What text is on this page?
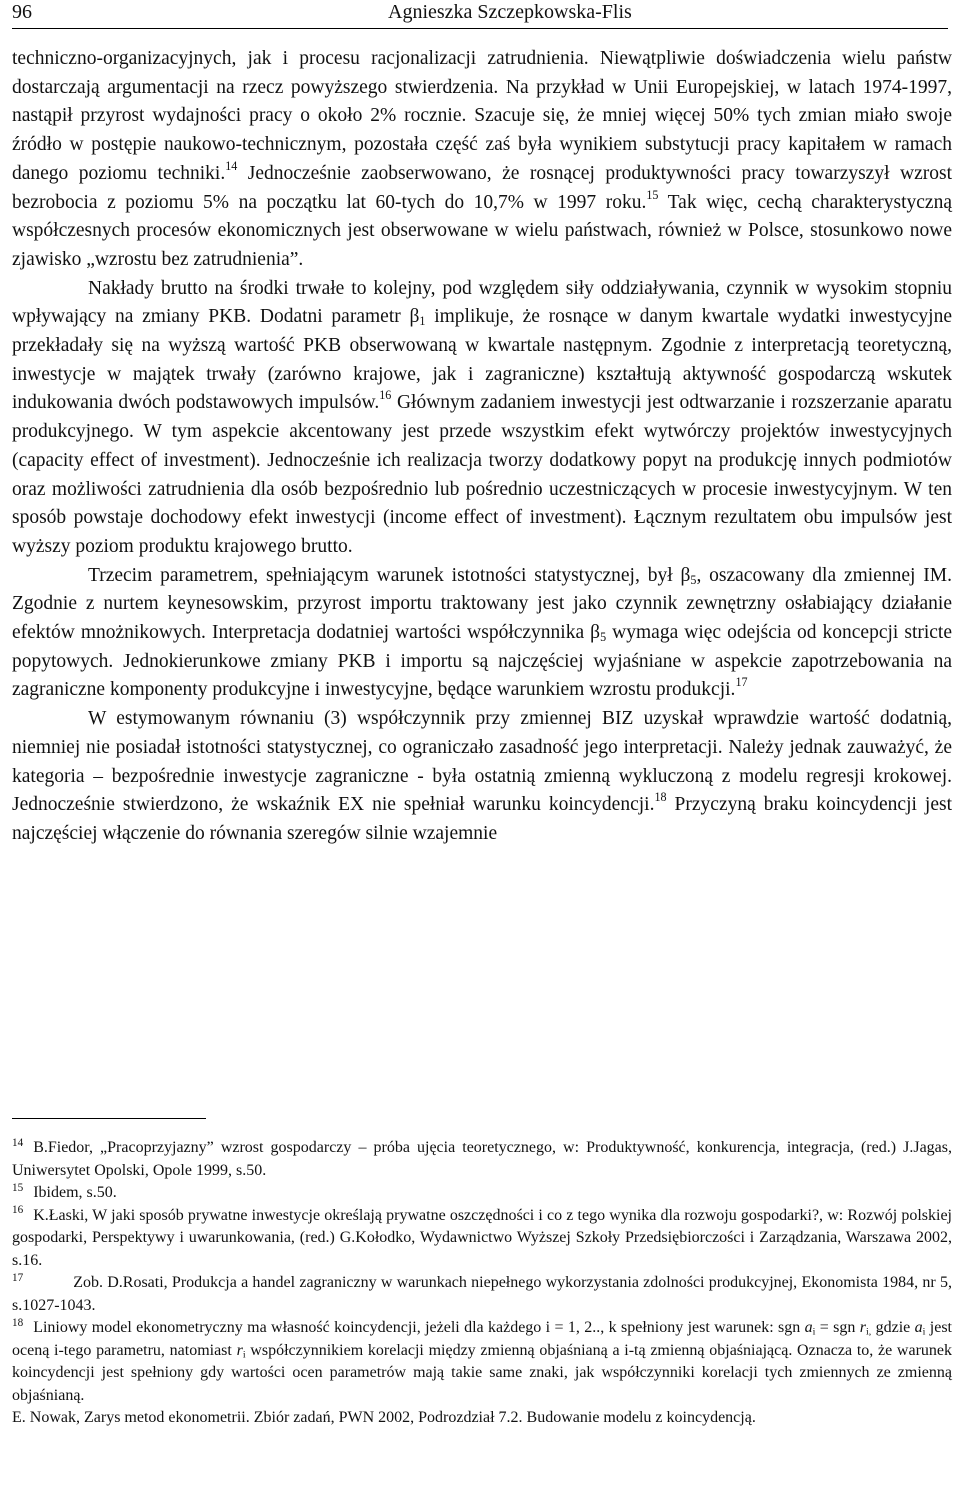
96	Agnieszka Szczepkowska-Flis

techniczno-organizacyjnych, jak i procesu racjonalizacji zatrudnienia. Niewątpliwie doświadczenia wielu państw dostarczają argumentacji na rzecz powyższego stwierdzenia. Na przykład w Unii Europejskiej, w latach 1974-1997, nastąpił przyrost wydajności pracy o około 2% rocznie. Szacuje się, że mniej więcej 50% tych zmian miało swoje źródło w postępie naukowo-technicznym, pozostała część zaś była wynikiem substytucji pracy kapitałem w ramach danego poziomu techniki.$^{14}$ Jednocześnie zaobserwowano, że rosnącej produktywności pracy towarzyszył wzrost bezrobocia z poziomu 5% na początku lat 60-tych do 10,7% w 1997 roku.$^{15}$ Tak więc, cechą charakterystyczną współczesnych procesów ekonomicznych jest obserwowane w wielu państwach, również w Polsce, stosunkowo nowe zjawisko „wzrostu bez zatrudnienia”.

Nakłady brutto na środki trwałe to kolejny, pod względem siły oddziaływania, czynnik w wysokim stopniu wpływający na zmiany PKB. Dodatni parametr $\beta_1$ implikuje, że rosnące w danym kwartale wydatki inwestycyjne przekładały się na wyższą wartość PKB obserwowaną w kwartale następnym. Zgodnie z interpretacją teoretyczną, inwestycje w majątek trwały (zarówno krajowe, jak i zagraniczne) kształtują aktywność gospodarczą wskutek indukowania dwóch podstawowych impulsów.$^{16}$ Głównym zadaniem inwestycji jest odtwarzanie i rozszerzanie aparatu produkcyjnego. W tym aspekcie akcentowany jest przede wszystkim efekt wytwórczy projektów inwestycyjnych (capacity effect of investment). Jednocześnie ich realizacja tworzy dodatkowy popyt na produkcję innych podmiotów oraz możliwości zatrudnienia dla osób bezpośrednio lub pośrednio uczestniczących w procesie inwestycyjnym. W ten sposób powstaje dochodowy efekt inwestycji (income effect of investment). Łącznym rezultatem obu impulsów jest wyższy poziom produktu krajowego brutto.

Trzecim parametrem, spełniającym warunek istotności statystycznej, był $\beta_5$, oszacowany dla zmiennej IM. Zgodnie z nurtem keynesowskim, przyrost importu traktowany jest jako czynnik zewnętrzny osłabiający działanie efektów mnożnikowych. Interpretacja dodatniej wartości współczynnika $\beta_5$ wymaga więc odejścia od koncepcji stricte popytowych. Jednokierunkowe zmiany PKB i importu są najczęściej wyjaśniane w aspekcie zapotrzebowania na zagraniczne komponenty produkcyjne i inwestycyjne, będące warunkiem wzrostu produkcji.$^{17}$

W estymowanym równaniu (3) współczynnik przy zmiennej BIZ uzyskał wprawdzie wartość dodatnią, niemniej nie posiadał istotności statystycznej, co ograniczało zasadność jego interpretacji. Należy jednak zauważyć, że kategoria – bezpośrednie inwestycje zagraniczne - była ostatnią zmienną wykluczoną z modelu regresji krokowej. Jednocześnie stwierdzono, że wskaźnik EX nie spełniał warunku koincydencji.$^{18}$ Przyczyną braku koincydencji jest najczęściej włączenie do równania szeregów silnie wzajemnie

$^{14}$ B.Fiedor, „Pracoprzyjazny” wzrost gospodarczy – próba ujęcia teoretycznego, w: Produktywność, konkurencja, integracja, (red.) J.Jagas, Uniwersytet Opolski, Opole 1999, s.50.

$^{15}$ Ibidem, s.50.

$^{16}$ K.Łaski, W jaki sposób prywatne inwestycje określają prywatne oszczędności i co z tego wynika dla rozwoju gospodarki?, w: Rozwój polskiej gospodarki, Perspektywy i uwarunkowania, (red.) G.Kołodko, Wydawnictwo Wyższej Szkoły Przedsiębiorczości i Zarządzania, Warszawa 2002, s.16.

$^{17}$	Zob. D.Rosati, Produkcja a handel zagraniczny w warunkach niepełnego wykorzystania zdolności produkcyjnej, Ekonomista 1984, nr 5, s.1027-1043.

$^{18}$ Liniowy model ekonometryczny ma własność koincydencji, jeżeli dla każdego i = 1, 2.., k spełniony jest warunek: sgn $a_i$ = sgn $r_{i,}$ gdzie $a_i$ jest oceną i-tego parametru, natomiast $r_i$ współczynnikiem korelacji między zmienną objaśnianą a i-tą zmienną objaśniającą. Oznacza to, że warunek koincydencji jest spełniony gdy wartości ocen parametrów mają takie same znaki, jak współczynniki korelacji tych zmiennych ze zmienną objaśnianą.

E. Nowak, Zarys metod ekonometrii. Zbiór zadań, PWN 2002, Podrozdział 7.2. Budowanie modelu z koincydencją.
